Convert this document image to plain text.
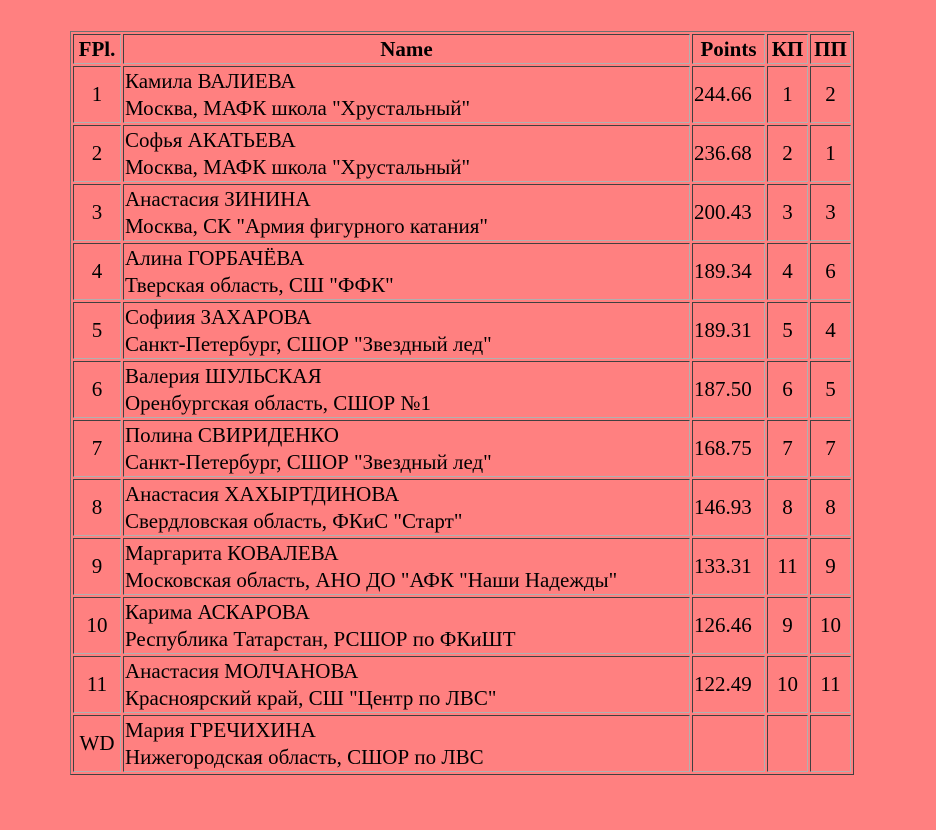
FPl.	Name	Points	КП	ПП
1	Камила ВАЛИЕВА
Москва, МАФК школа "Хрустальный"	244.66	1	2
2	Софья АКАТЬЕВА
Москва, МАФК школа "Хрустальный"	236.68	2	1
3	Анастасия ЗИНИНА
Москва, СК "Армия фигурного катания"	200.43	3	3
4	Алина ГОРБАЧЁВА
Тверская область, СШ "ФФК"	189.34	4	6
5	Софиия ЗАХАРОВА
Санкт-Петербург, СШОР "Звездный лед"	189.31	5	4
6	Валерия ШУЛЬСКАЯ
Оренбургская область, СШОР №1	187.50	6	5
7	Полина СВИРИДЕНКО
Санкт-Петербург, СШОР "Звездный лед"	168.75	7	7
8	Анастасия ХАХЫРТДИНОВА
Свердловская область, ФКиС "Старт"	146.93	8	8
9	Маргарита КОВАЛЕВА
Московская область, АНО ДО "АФК "Наши Надежды"	133.31	11	9
10	Карима АСКАРОВА
Республика Татарстан, РСШОР по ФКиШТ	126.46	9	10
11	Анастасия МОЛЧАНОВА
Красноярский край, СШ "Центр по ЛВС"	122.49	10	11
WD	Мария ГРЕЧИХИНА
Нижегородская область, СШОР по ЛВС			
